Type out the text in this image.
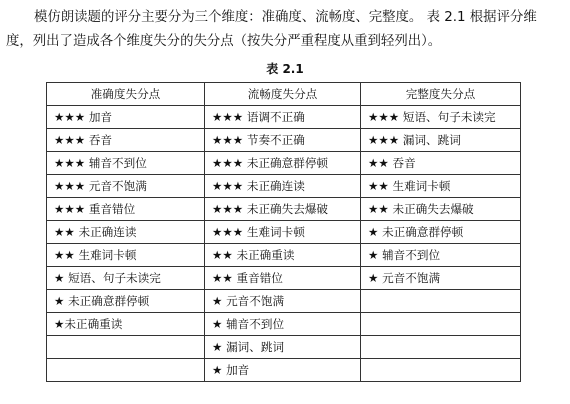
模仿朗读题的评分主要分为三个维度：准确度、流畅度、完整度。 表 2.1 根据评分维
度，列出了造成各个维度失分的失分点（按失分严重程度从重到轻列出）。

表 2.1

准确度失分点	流畅度失分点	完整度失分点
★★★ 加音	★★★ 语调不正确	★★★ 短语、句子未读完
★★★ 吞音	★★★ 节奏不正确	★★★ 漏词、跳词
★★★ 辅音不到位	★★★ 未正确意群停顿	★★ 吞音
★★★ 元音不饱满	★★★ 未正确连读	★★ 生难词卡顿
★★★ 重音错位	★★★ 未正确失去爆破	★★ 未正确失去爆破
★★ 未正确连读	★★★ 生难词卡顿	★ 未正确意群停顿
★★ 生难词卡顿	★★ 未正确重读	★ 辅音不到位
★ 短语、句子未读完	★★ 重音错位	★ 元音不饱满
★ 未正确意群停顿	★ 元音不饱满	
★未正确重读	★ 辅音不到位	
	★ 漏词、跳词	
	★ 加音	
